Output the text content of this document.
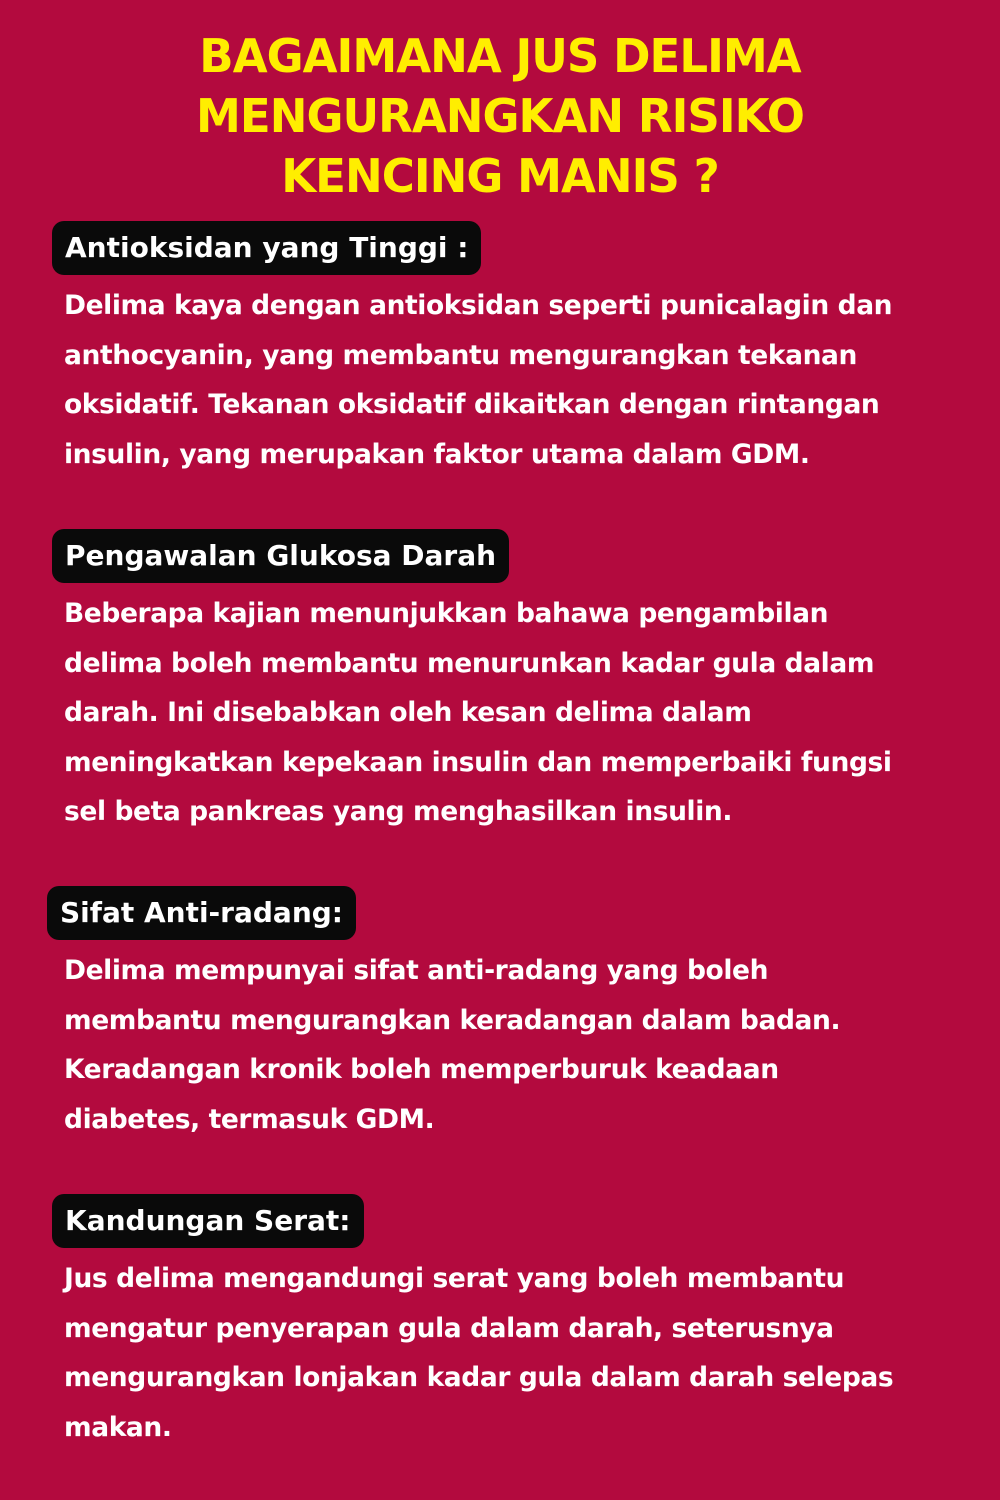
BAGAIMANA JUS DELIMA
MENGURANGKAN RISIKO
KENCING MANIS ?
Antioksidan yang Tinggi :
Delima kaya dengan antioksidan seperti punicalagin dan
anthocyanin, yang membantu mengurangkan tekanan
oksidatif. Tekanan oksidatif dikaitkan dengan rintangan
insulin, yang merupakan faktor utama dalam GDM.
Pengawalan Glukosa Darah
Beberapa kajian menunjukkan bahawa pengambilan
delima boleh membantu menurunkan kadar gula dalam
darah. Ini disebabkan oleh kesan delima dalam
meningkatkan kepekaan insulin dan memperbaiki fungsi
sel beta pankreas yang menghasilkan insulin.
Sifat Anti-radang:
Delima mempunyai sifat anti-radang yang boleh
membantu mengurangkan keradangan dalam badan.
Keradangan kronik boleh memperburuk keadaan
diabetes, termasuk GDM.
Kandungan Serat:
Jus delima mengandungi serat yang boleh membantu
mengatur penyerapan gula dalam darah, seterusnya
mengurangkan lonjakan kadar gula dalam darah selepas
makan.
